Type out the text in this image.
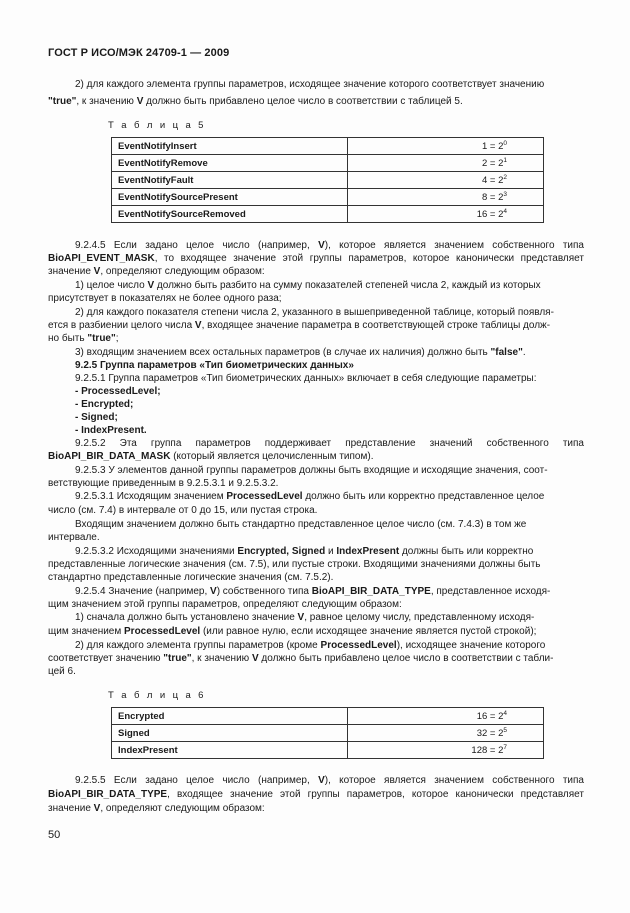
ГОСТ Р ИСО/МЭК 24709-1 — 2009
2) для каждого элемента группы параметров, исходящее значение которого соответствует значению
"true", к значению V должно быть прибавлено целое число в соответствии с таблицей 5.
Т а б л и ц а 5
EventNotifyInsert	$1 = 2^0$
EventNotifyRemove	$2 = 2^1$
EventNotifyFault	$4 = 2^2$
EventNotifySourcePresent	$8 = 2^3$
EventNotifySourceRemoved	$16 = 2^4$
9.2.4.5 Если задано целое число (например, V), которое является значением собственного типа
BioAPI_EVENT_MASK, то входящее значение этой группы параметров, которое канонически представляет
значение V, определяют следующим образом:
1) целое число V должно быть разбито на сумму показателей степеней числа 2, каждый из которых
присутствует в показателях не более одного раза;
2) для каждого показателя степени числа 2, указанного в вышеприведенной таблице, который появля-
ется в разбиении целого числа V, входящее значение параметра в соответствующей строке таблицы долж-
но быть "true";
3) входящим значением всех остальных параметров (в случае их наличия) должно быть "false".
9.2.5 Группа параметров «Тип биометрических данных»
9.2.5.1 Группа параметров «Тип биометрических данных» включает в себя следующие параметры:
- ProcessedLevel;
- Encrypted;
- Signed;
- IndexPresent.
9.2.5.2 Эта группа параметров поддерживает представление значений собственного типа
BioAPI_BIR_DATA_MASK (который является целочисленным типом).
9.2.5.3 У элементов данной группы параметров должны быть входящие и исходящие значения, соот-
ветствующие приведенным в 9.2.5.3.1 и 9.2.5.3.2.
9.2.5.3.1 Исходящим значением ProcessedLevel должно быть или корректно представленное целое
число (см. 7.4) в интервале от 0 до 15, или пустая строка.
Входящим значением должно быть стандартно представленное целое число (см. 7.4.3) в том же
интервале.
9.2.5.3.2 Исходящими значениями Encrypted, Signed и IndexPresent должны быть или корректно
представленные логические значения (см. 7.5), или пустые строки. Входящими значениями должны быть
стандартно представленные логические значения (см. 7.5.2).
9.2.5.4 Значение (например, V) собственного типа BioAPI_BIR_DATA_TYPE, представленное исходя-
щим значением этой группы параметров, определяют следующим образом:
1) сначала должно быть установлено значение V, равное целому числу, представленному исходя-
щим значением ProcessedLevel (или равное нулю, если исходящее значение является пустой строкой);
2) для каждого элемента группы параметров (кроме ProcessedLevel), исходящее значение которого
соответствует значению "true", к значению V должно быть прибавлено целое число в соответствии с табли-
цей 6.
Т а б л и ц а 6
Encrypted	$16 = 2^4$
Signed	$32 = 2^5$
IndexPresent	$128 = 2^7$
9.2.5.5 Если задано целое число (например, V), которое является значением собственного типа
BioAPI_BIR_DATA_TYPE, входящее значение этой группы параметров, которое канонически представляет
значение V, определяют следующим образом:
50
